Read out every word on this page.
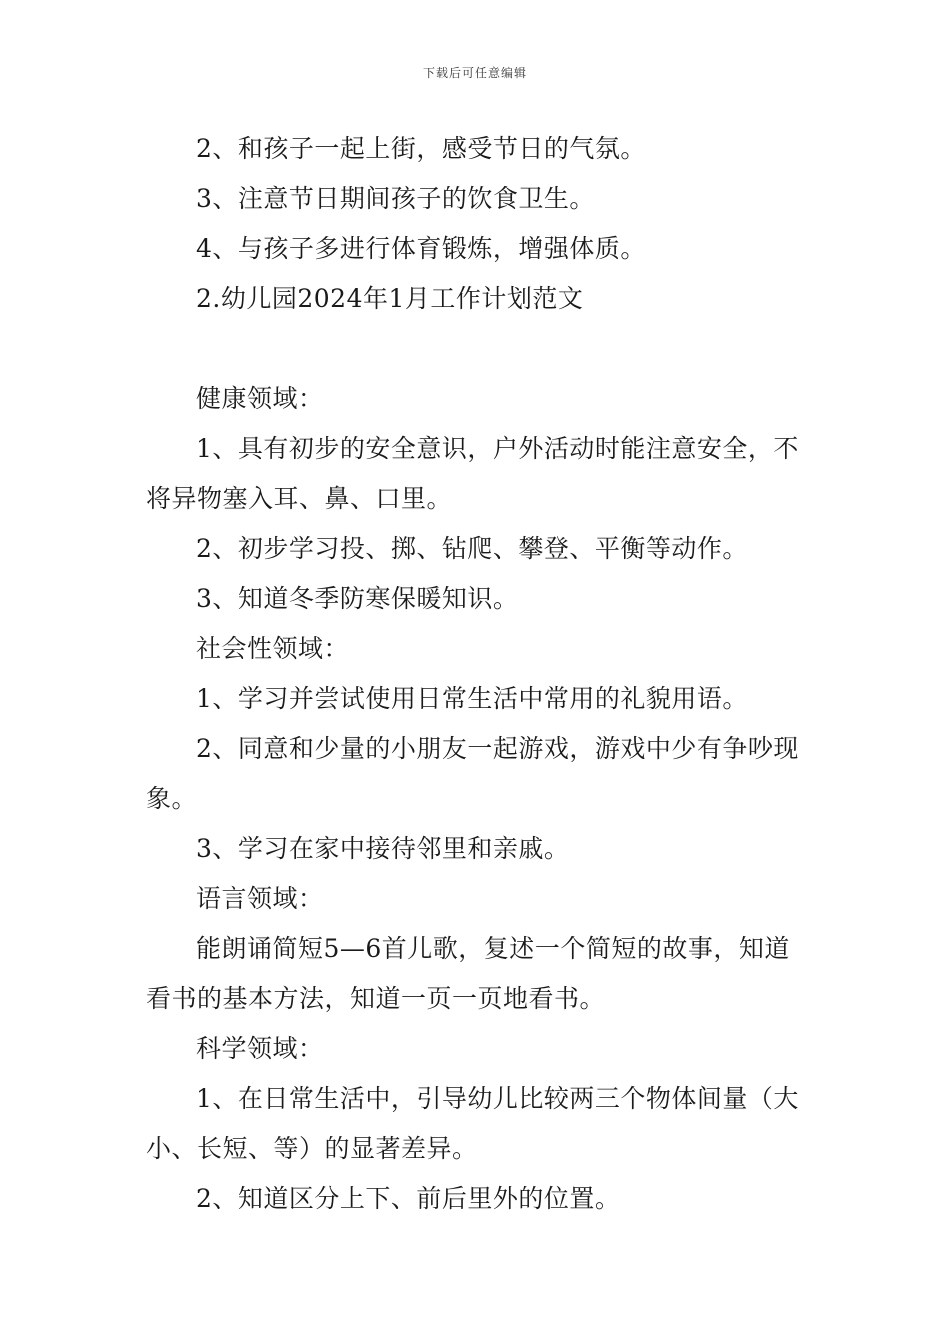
下载后可任意编辑

2、和孩子一起上街，感受节日的气氛。

3、注意节日期间孩子的饮食卫生。

4、与孩子多进行体育锻炼，增强体质。

2.幼儿园2024年1月工作计划范文

健康领域：

1、具有初步的安全意识，户外活动时能注意安全，不将异物塞入耳、鼻、口里。

2、初步学习投、掷、钻爬、攀登、平衡等动作。

3、知道冬季防寒保暖知识。

社会性领域：

1、学习并尝试使用日常生活中常用的礼貌用语。

2、同意和少量的小朋友一起游戏，游戏中少有争吵现象。

3、学习在家中接待邻里和亲戚。

语言领域：

能朗诵简短5—6首儿歌，复述一个简短的故事，知道看书的基本方法，知道一页一页地看书。

科学领域：

1、在日常生活中，引导幼儿比较两三个物体间量（大小、长短、等）的显著差异。

2、知道区分上下、前后里外的位置。
